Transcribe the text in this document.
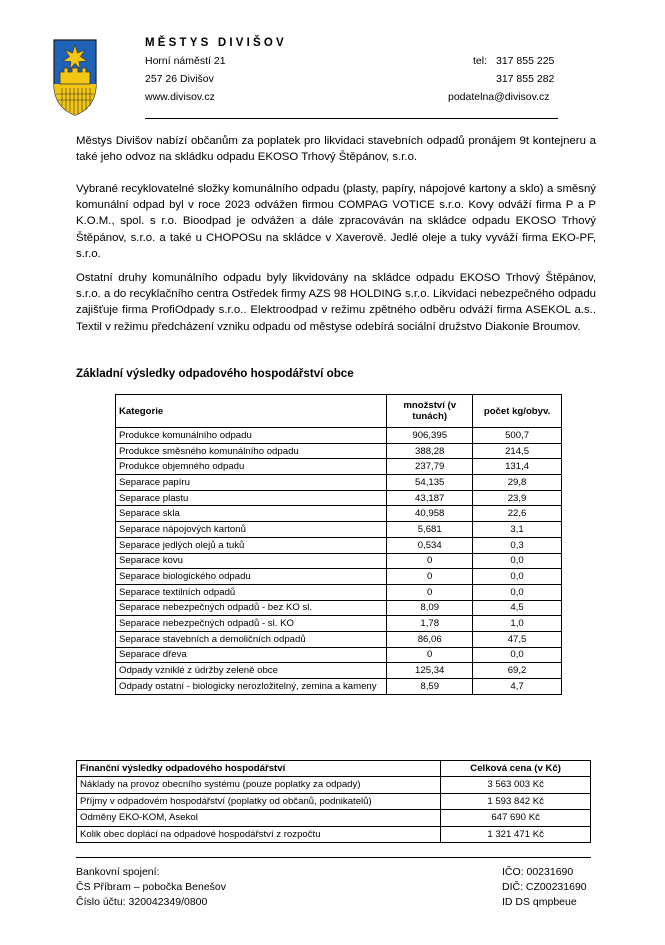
MĚSTYS DIVIŠOV
Horní náměstí 21
257 26 Divišov
www.divisov.cz
tel: 317 855 225
317 855 282
podatelna@divisov.cz
Městys Divišov nabízí občanům za poplatek pro likvidaci stavebních odpadů pronájem 9t kontejneru a také jeho odvoz na skládku odpadu EKOSO Trhový Štěpánov, s.r.o.
Vybrané recyklovatelné složky komunálního odpadu (plasty, papíry, nápojové kartony a sklo) a směsný komunální odpad byl v roce 2023 odvážen firmou COMPAG VOTICE s.r.o. Kovy odváží firma P a P K.O.M., spol. s r.o. Bioodpad je odvážen a dále zpracováván na skládce odpadu EKOSO Trhový Štěpánov, s.r.o. a také u CHOPOSu na skládce v Xaverově. Jedlé oleje a tuky vyváží firma EKO-PF, s.r.o.
Ostatní druhy komunálního odpadu byly likvidovány na skládce odpadu EKOSO Trhový Štěpánov, s.r.o. a do recyklačního centra Ostředek firmy AZS 98 HOLDING s.r.o. Likvidaci nebezpečného odpadu zajišťuje firma ProfiOdpady s.r.o.. Elektroodpad v režimu zpětného odběru odváží firma ASEKOL a.s.. Textil v režimu předcházení vzniku odpadu od městyse odebírá sociální družstvo Diakonie Broumov.
Základní výsledky odpadového hospodářství obce
Kategorie	množství (v tunách)	počet kg/obyv.
Produkce komunálního odpadu	906,395	500,7
Produkce směsného komunálního odpadu	388,28	214,5
Produkce objemného odpadu	237,79	131,4
Separace papíru	54,135	29,8
Separace plastu	43,187	23,9
Separace skla	40,958	22,6
Separace nápojových kartonů	5,681	3,1
Separace jedlých olejů a tuků	0,534	0,3
Separace kovu	0	0,0
Separace biologického odpadu	0	0,0
Separace textilních odpadů	0	0,0
Separace nebezpečných odpadů - bez KO sl.	8,09	4,5
Separace nebezpečných odpadů - sl. KO	1,78	1,0
Separace stavebních a demoličních odpadů	86,06	47,5
Separace dřeva	0	0,0
Odpady vzniklé z údržby zeleně obce	125,34	69,2
Odpady ostatní - biologicky nerozložitelný, zemina a kameny	8,59	4,7
Finanční výsledky odpadového hospodářství	Celková cena (v Kč)
Náklady na provoz obecního systému (pouze poplatky za odpady)	3 563 003 Kč
Příjmy v odpadovém hospodářství (poplatky od občanů, podnikatelů)	1 593 842 Kč
Odměny EKO-KOM, Asekol	647 690 Kč
Kolik obec doplácí na odpadové hospodářství z rozpočtu	1 321 471 Kč
Bankovní spojení:
ČS Příbram – pobočka Benešov
Číslo účtu: 320042349/0800
IČO: 00231690
DIČ: CZ00231690
ID DS qmpbeue
